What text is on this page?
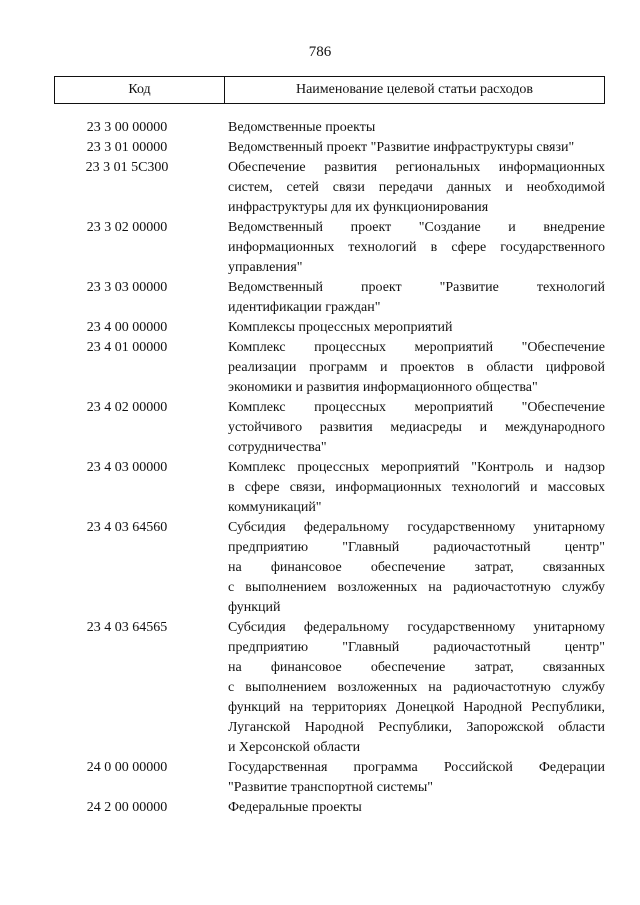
786
Код	Наименование целевой статьи расходов
23 3 00 00000	Ведомственные проекты
23 3 01 00000	Ведомственный проект "Развитие инфраструктуры связи"
23 3 01 5С300	Обеспечение развития региональных информационных
систем, сетей связи передачи данных и необходимой
инфраструктуры для их функционирования
23 3 02 00000	Ведомственный проект "Создание и внедрение
информационных технологий в сфере государственного
управления"
23 3 03 00000	Ведомственный проект "Развитие технологий
идентификации граждан"
23 4 00 00000	Комплексы процессных мероприятий
23 4 01 00000	Комплекс процессных мероприятий "Обеспечение
реализации программ и проектов в области цифровой
экономики и развития информационного общества"
23 4 02 00000	Комплекс процессных мероприятий "Обеспечение
устойчивого развития медиасреды и международного
сотрудничества"
23 4 03 00000	Комплекс процессных мероприятий "Контроль и надзор
в сфере связи, информационных технологий и массовых
коммуникаций"
23 4 03 64560	Субсидия федеральному государственному унитарному
предприятию "Главный радиочастотный центр"
на финансовое обеспечение затрат, связанных
с выполнением возложенных на радиочастотную службу
функций
23 4 03 64565	Субсидия федеральному государственному унитарному
предприятию "Главный радиочастотный центр"
на финансовое обеспечение затрат, связанных
с выполнением возложенных на радиочастотную службу
функций на территориях Донецкой Народной Республики,
Луганской Народной Республики, Запорожской области
и Херсонской области
24 0 00 00000	Государственная программа Российской Федерации
"Развитие транспортной системы"
24 2 00 00000	Федеральные проекты
